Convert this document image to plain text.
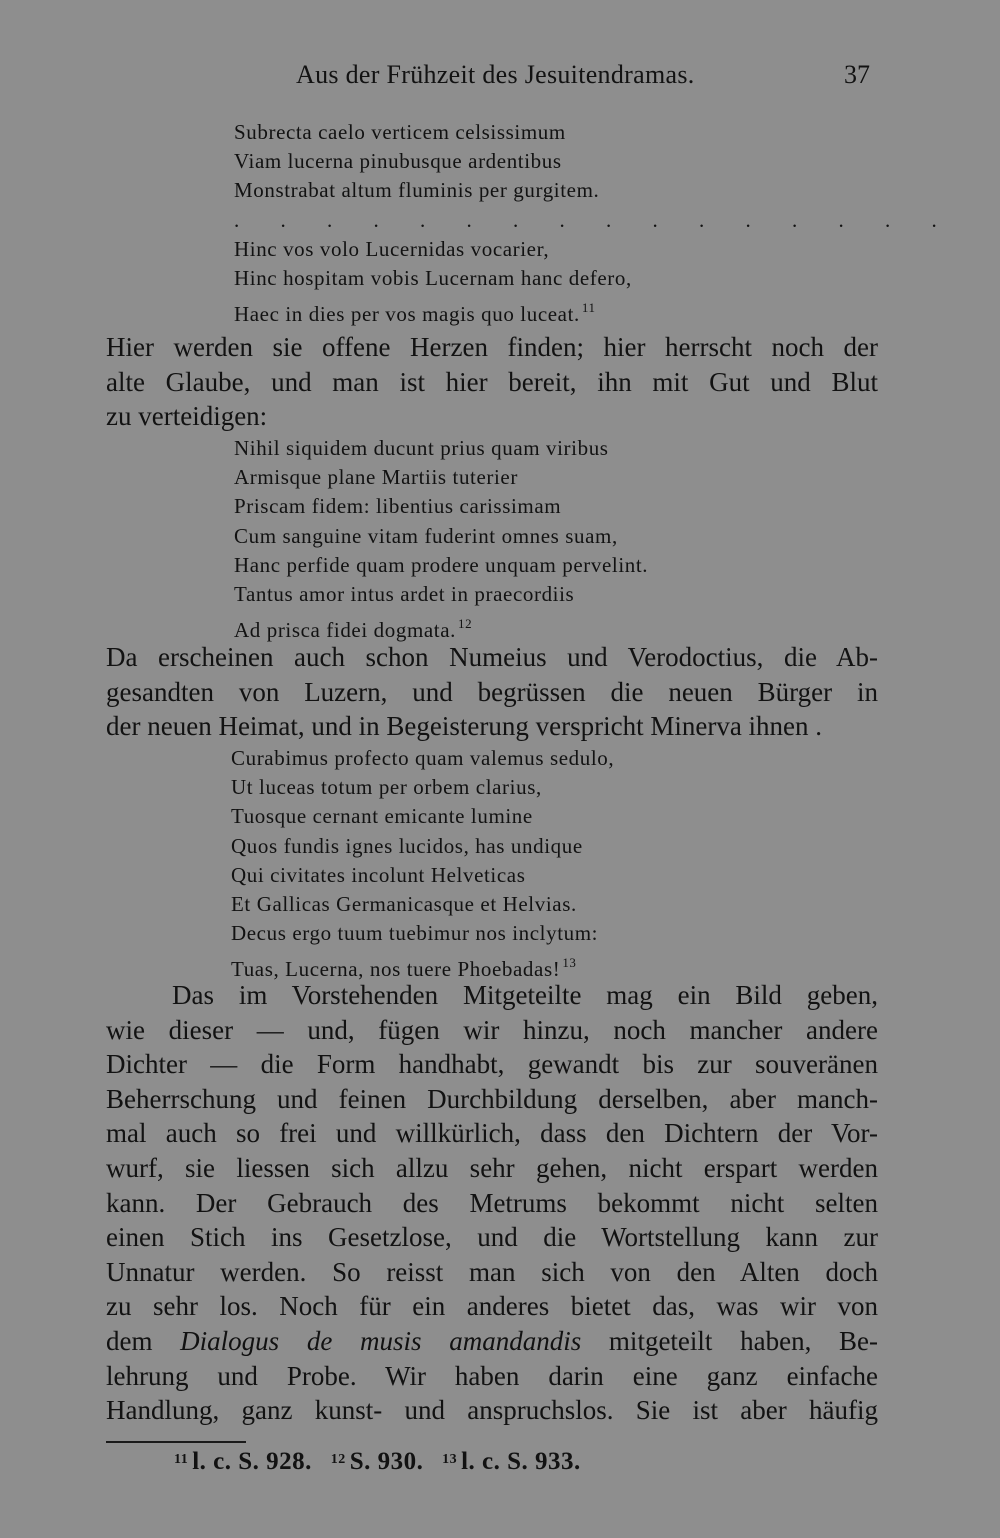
Aus der Frühzeit des Jesuitendramas.	37
Subrecta caelo verticem celsissimum
Viam lucerna pinubusque ardentibus
Monstrabat altum fluminis per gurgitem.
. . . . . . . . . . . . . . . .
Hinc vos volo Lucernidas vocarier,
Hinc hospitam vobis Lucernam hanc defero,
Haec in dies per vos magis quo luceat. $^{11}$
Hier werden sie offene Herzen finden; hier herrscht noch der
alte Glaube, und man ist hier bereit, ihn mit Gut und Blut
zu verteidigen:
Nihil siquidem ducunt prius quam viribus
Armisque plane Martiis tuterier
Priscam fidem: libentius carissimam
Cum sanguine vitam fuderint omnes suam,
Hanc perfide quam prodere unquam pervelint.
Tantus amor intus ardet in praecordiis
Ad prisca fidei dogmata. $^{12}$
Da erscheinen auch schon Numeius und Verodoctius, die Ab-
gesandten von Luzern, und begrüssen die neuen Bürger in
der neuen Heimat, und in Begeisterung verspricht Minerva ihnen .
Curabimus profecto quam valemus sedulo,
Ut luceas totum per orbem clarius,
Tuosque cernant emicante lumine
Quos fundis ignes lucidos, has undique
Qui civitates incolunt Helveticas
Et Gallicas Germanicasque et Helvias.
Decus ergo tuum tuebimur nos inclytum:
Tuas, Lucerna, nos tuere Phoebadas! $^{13}$
Das im Vorstehenden Mitgeteilte mag ein Bild geben,
wie dieser — und, fügen wir hinzu, noch mancher andere
Dichter — die Form handhabt, gewandt bis zur souveränen
Beherrschung und feinen Durchbildung derselben, aber manch-
mal auch so frei und willkürlich, dass den Dichtern der Vor-
wurf, sie liessen sich allzu sehr gehen, nicht erspart werden
kann. Der Gebrauch des Metrums bekommt nicht selten
einen Stich ins Gesetzlose, und die Wortstellung kann zur
Unnatur werden. So reisst man sich von den Alten doch
zu sehr los. Noch für ein anderes bietet das, was wir von
dem Dialogus de musis amandandis mitgeteilt haben, Be-
lehrung und Probe. Wir haben darin eine ganz einfache
Handlung, ganz kunst- und anspruchslos. Sie ist aber häufig
$^{11}$ l. c. S. 928. $^{12}$ S. 930. $^{13}$ l. c. S. 933.
